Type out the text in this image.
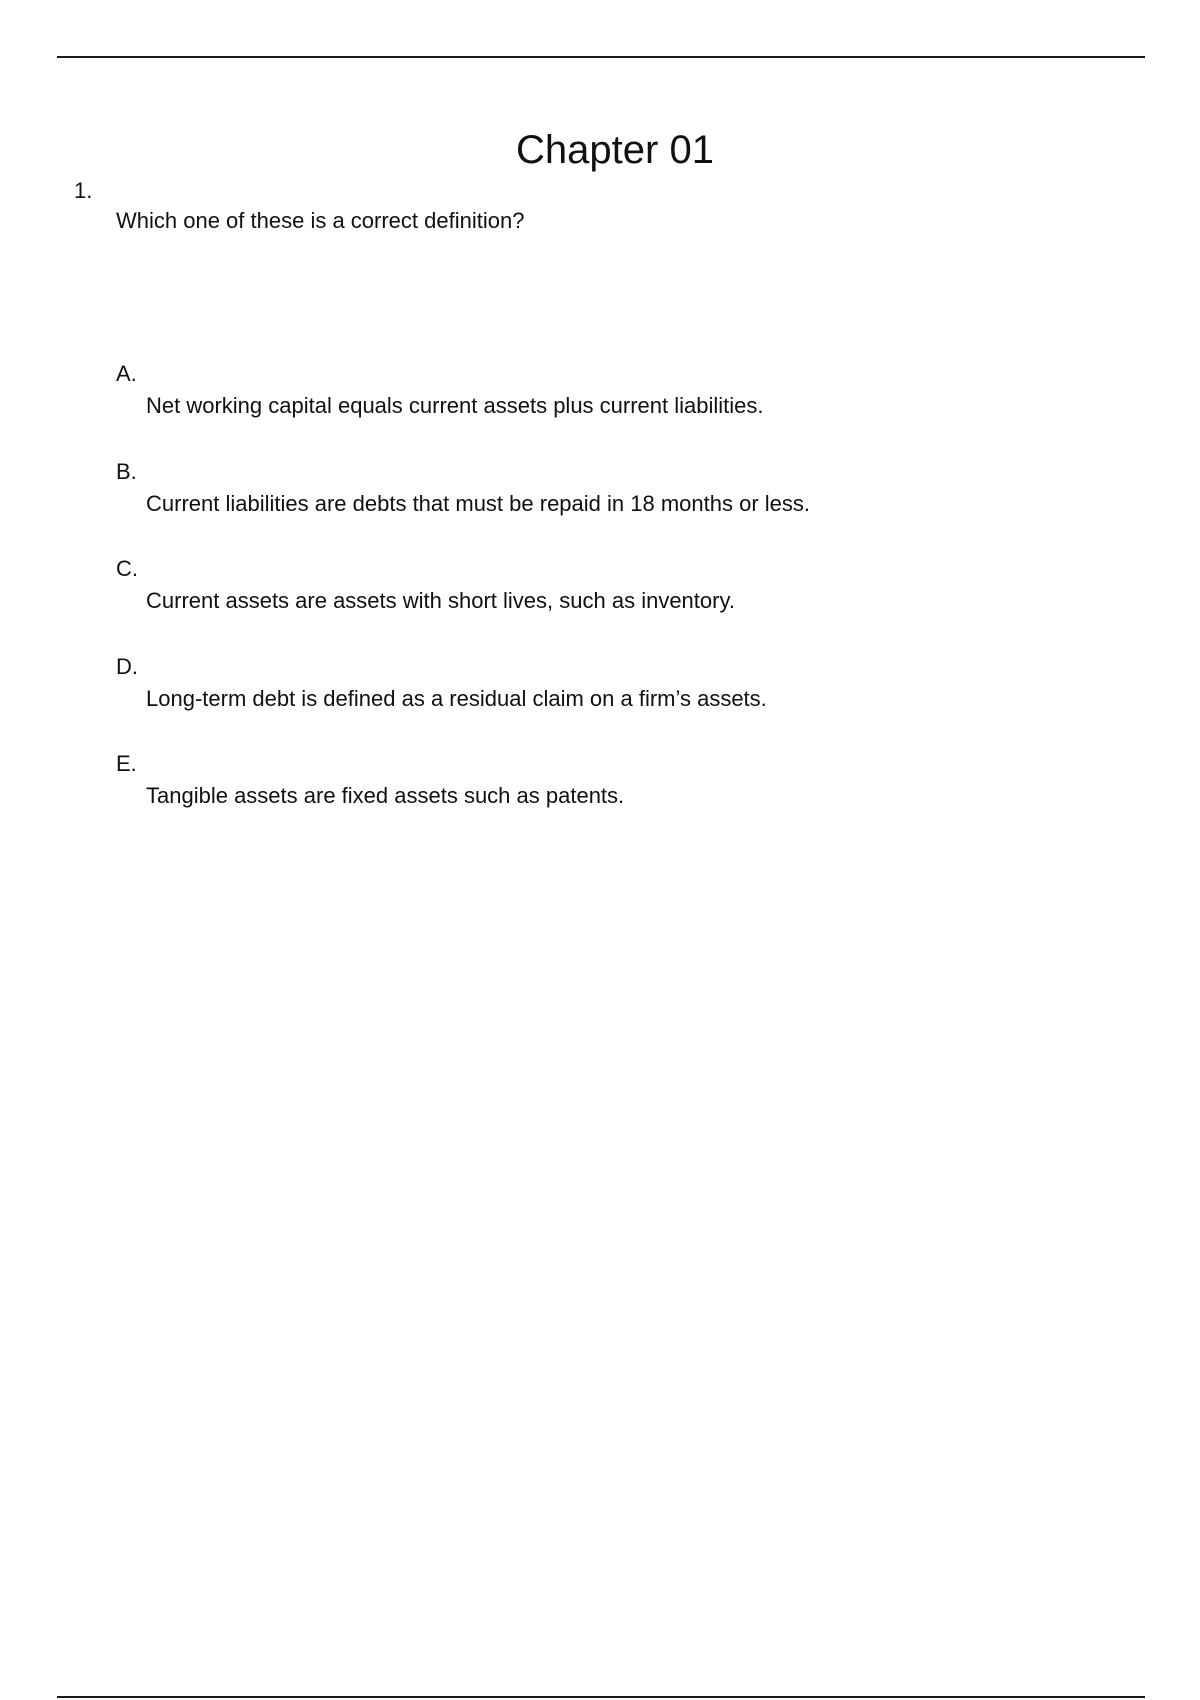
Chapter 01
1.
Which one of these is a correct definition?
A.
Net working capital equals current assets plus current liabilities.
B.
Current liabilities are debts that must be repaid in 18 months or less.
C.
Current assets are assets with short lives, such as inventory.
D.
Long-term debt is defined as a residual claim on a firm’s assets.
E.
Tangible assets are fixed assets such as patents.
